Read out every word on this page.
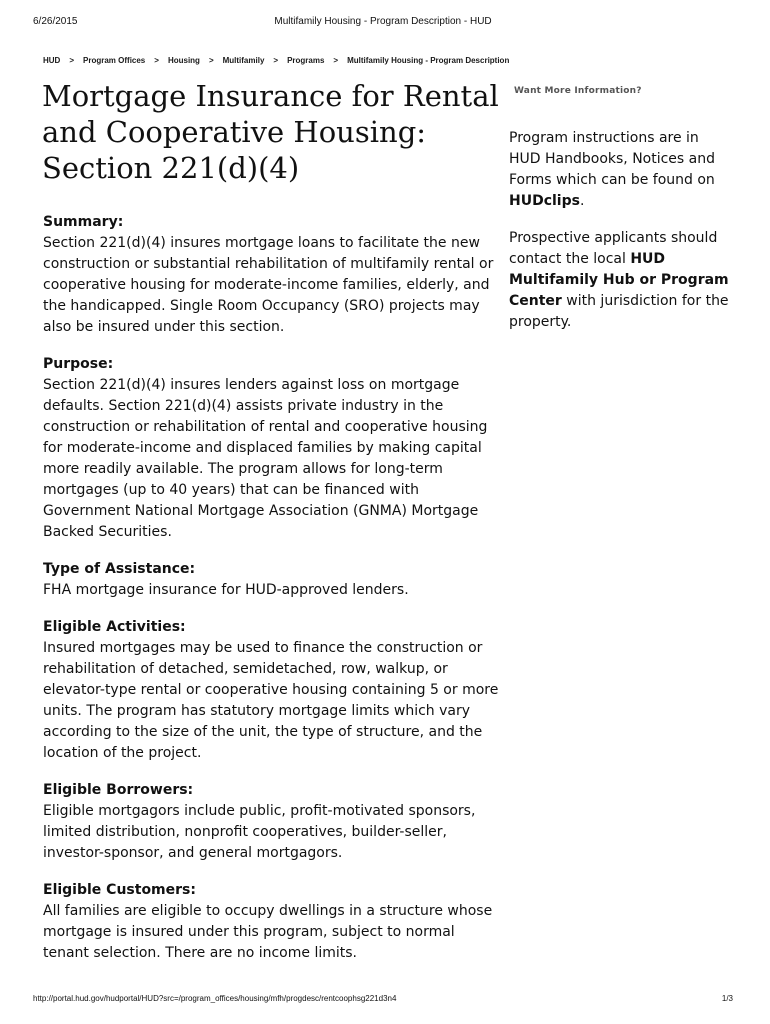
6/26/2015	Multifamily Housing - Program Description - HUD
HUD > Program Offices > Housing > Multifamily > Programs > Multifamily Housing - Program Description
Mortgage Insurance for Rental and Cooperative Housing: Section 221(d)(4)
Summary:

Section 221(d)(4) insures mortgage loans to facilitate the new construction or substantial rehabilitation of multifamily rental or cooperative housing for moderate-income families, elderly, and the handicapped. Single Room Occupancy (SRO) projects may also be insured under this section.

Purpose:

Section 221(d)(4) insures lenders against loss on mortgage defaults. Section 221(d)(4) assists private industry in the construction or rehabilitation of rental and cooperative housing for moderate-income and displaced families by making capital more readily available. The program allows for long-term mortgages (up to 40 years) that can be financed with Government National Mortgage Association (GNMA) Mortgage Backed Securities.

Type of Assistance:

FHA mortgage insurance for HUD-approved lenders.

Eligible Activities:

Insured mortgages may be used to finance the construction or rehabilitation of detached, semidetached, row, walkup, or elevator-type rental or cooperative housing containing 5 or more units. The program has statutory mortgage limits which vary according to the size of the unit, the type of structure, and the location of the project.

Eligible Borrowers:

Eligible mortgagors include public, profit-motivated sponsors, limited distribution, nonprofit cooperatives, builder-seller, investor-sponsor, and general mortgagors.

Eligible Customers:

All families are eligible to occupy dwellings in a structure whose mortgage is insured under this program, subject to normal tenant selection. There are no income limits.

Want More Information?

Program instructions are in HUD Handbooks, Notices and Forms which can be found on HUDclips.

Prospective applicants should contact the local HUD Multifamily Hub or Program Center with jurisdiction for the property.

http://portal.hud.gov/hudportal/HUD?src=/program_offices/housing/mfh/progdesc/rentcoophsg221d3n4	1/3
